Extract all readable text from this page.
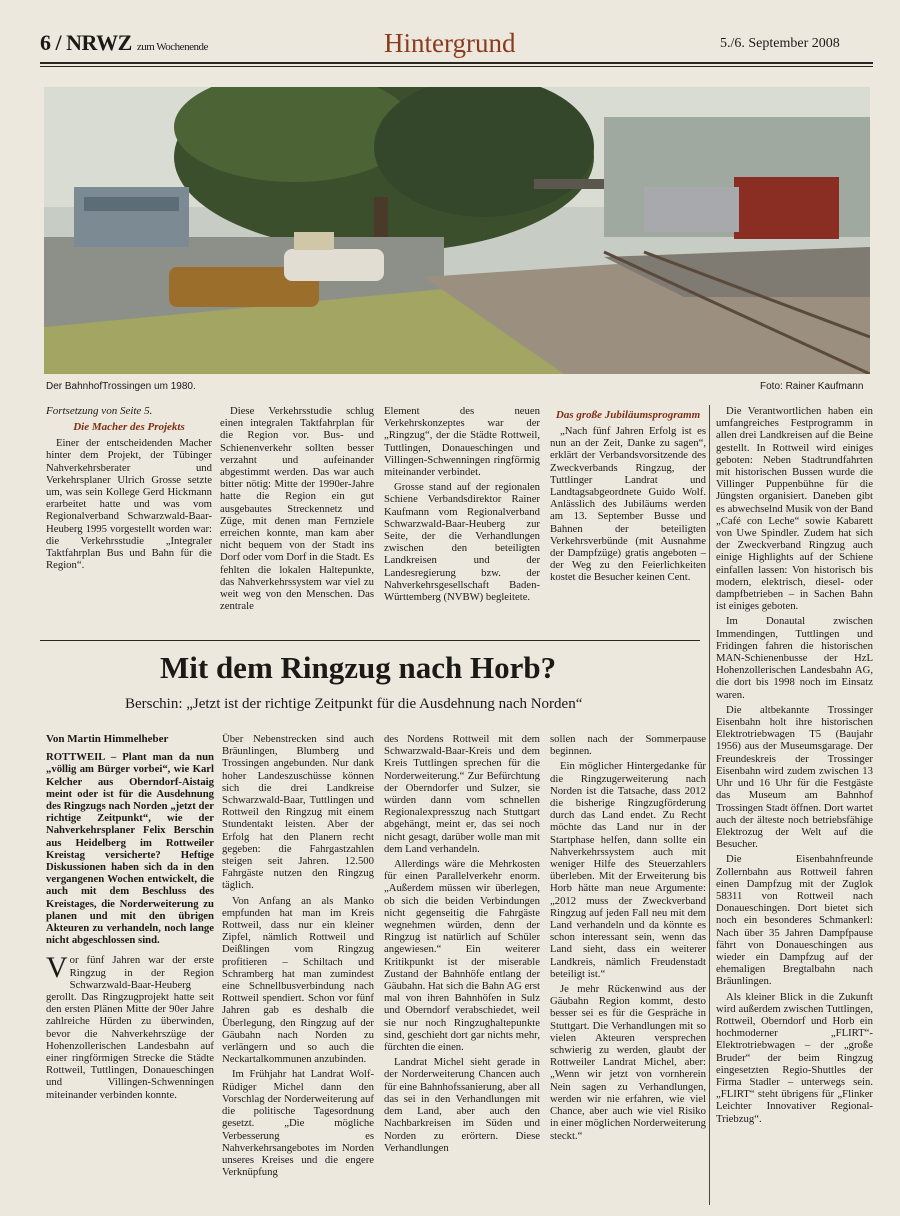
6 / NRWZ zum Wochenende	Hintergrund	5./6. September 2008
Der BahnhofTrossingen um 1980.	Foto: Rainer Kaufmann
Fortsetzung von Seite 5.
Die Macher des Projekts

Einer der entscheidenden Macher hinter dem Projekt, der Tübinger Nahverkehrsberater und Verkehrsplaner Ulrich Grosse setzte um, was sein Kollege Gerd Hickmann erarbeitet hatte und was vom Regionalverband Schwarzwald-Baar-Heuberg 1995 vorgestellt worden war: die Verkehrsstudie „Integraler Taktfahrplan Bus und Bahn für die Region“.

Diese Verkehrsstudie schlug einen integralen Taktfahrplan für die Region vor. Bus- und Schienenverkehr sollten besser verzahnt und aufeinander abgestimmt werden. Das war auch bitter nötig: Mitte der 1990er-Jahre hatte die Region ein gut ausgebautes Streckennetz und Züge, mit denen man Fernziele erreichen konnte, man kam aber nicht bequem von der Stadt ins Dorf oder vom Dorf in die Stadt. Es fehlten die lokalen Haltepunkte, das Nahverkehrssystem war viel zu weit weg von den Menschen. Das zentrale

Element des neuen Verkehrskonzeptes war der „Ringzug“, der die Städte Rottweil, Tuttlingen, Donaueschingen und Villingen-Schwenningen ringförmig miteinander verbindet.

Grosse stand auf der regionalen Schiene Verbandsdirektor Rainer Kaufmann vom Regionalverband Schwarzwald-Baar-Heuberg zur Seite, der die Verhandlungen zwischen den beteiligten Landkreisen und der Landesregierung bzw. der Nahverkehrsgesellschaft Baden-Württemberg (NVBW) begleitete.

Das große Jubiläumsprogramm

„Nach fünf Jahren Erfolg ist es nun an der Zeit, Danke zu sagen“, erklärt der Verbandsvorsitzende des Zweckverbands Ringzug, der Tuttlinger Landrat und Landtagsabgeordnete Guido Wolf. Anlässlich des Jubiläums werden am 13. September Busse und Bahnen der beteiligten Verkehrsverbünde (mit Ausnahme der Dampfzüge) gratis angeboten – der Weg zu den Feierlichkeiten kostet die Besucher keinen Cent.

Die Verantwortlichen haben ein umfangreiches Festprogramm in allen drei Landkreisen auf die Beine gestellt. In Rottweil wird einiges geboten: Neben Stadtrundfahrten mit historischen Bussen wurde die Villinger Puppenbühne für die Jüngsten organisiert. Daneben gibt es abwechselnd Musik von der Band „Café con Leche“ sowie Kabarett von Uwe Spindler. Zudem hat sich der Zweckverband Ringzug auch einige Highlights auf der Schiene einfallen lassen: Von historisch bis modern, elektrisch, diesel- oder dampfbetrieben – in Sachen Bahn ist einiges geboten.

Im Donautal zwischen Immendingen, Tuttlingen und Fridingen fahren die historischen MAN-Schienenbusse der HzL Hohenzollerischen Landesbahn AG, die dort bis 1998 noch im Einsatz waren.

Die altbekannte Trossinger Eisenbahn holt ihre historischen Elektrotriebwagen T5 (Baujahr 1956) aus der Museumsgarage. Der Freundeskreis der Trossinger Eisenbahn wird zudem zwischen 13 Uhr und 16 Uhr für die Festgäste das Museum am Bahnhof Trossingen Stadt öffnen. Dort wartet auch der älteste noch betriebsfähige Elektrozug der Welt auf die Besucher.

Die Eisenbahnfreunde Zollernbahn aus Rottweil fahren einen Dampfzug mit der Zuglok 58311 von Rottweil nach Donaueschingen. Dort bietet sich noch ein besonderes Schmankerl: Nach über 35 Jahren Dampfpause fährt von Donaueschingen aus wieder ein Dampfzug auf der ehemaligen Bregtalbahn nach Bräunlingen.

Als kleiner Blick in die Zukunft wird außerdem zwischen Tuttlingen, Rottweil, Oberndorf und Horb ein hochmoderner „FLIRT“-Elektrotriebwagen – der „große Bruder“ der beim Ringzug eingesetzten Regio-Shuttles der Firma Stadler – unterwegs sein. „FLIRT“ steht übrigens für „Flinker Leichter Innovativer Regional-Triebzug“.

Mit dem Ringzug nach Horb?
Berschin: „Jetzt ist der richtige Zeitpunkt für die Ausdehnung nach Norden“
Von Martin Himmelheber

ROTTWEIL – Plant man da nun „völlig am Bürger vorbei“, wie Karl Kelcher aus Oberndorf-Aistaig meint oder ist für die Ausdehnung des Ringzugs nach Norden „jetzt der richtige Zeitpunkt“, wie der Nahverkehrsplaner Felix Berschin aus Heidelberg im Rottweiler Kreistag versicherte? Heftige Diskussionen haben sich da in den vergangenen Wochen entwickelt, die auch mit dem Beschluss des Kreistages, die Norderweiterung zu planen und mit den übrigen Akteuren zu verhandeln, noch lange nicht abgeschlossen sind.

Vor fünf Jahren war der erste Ringzug in der Region Schwarzwald-Baar-Heuberg gerollt. Das Ringzugprojekt hatte seit den ersten Plänen Mitte der 90er Jahre zahlreiche Hürden zu überwinden, bevor die Nahverkehrszüge der Hohenzollerischen Landesbahn auf einer ringförmigen Strecke die Städte Rottweil, Tuttlingen, Donaueschingen und Villingen-Schwenningen miteinander verbinden konnte.

Über Nebenstrecken sind auch Bräunlingen, Blumberg und Trossingen angebunden. Nur dank hoher Landeszuschüsse können sich die drei Landkreise Schwarzwald-Baar, Tuttlingen und Rottweil den Ringzug mit einem Stundentakt leisten. Aber der Erfolg hat den Planern recht gegeben: die Fahrgastzahlen steigen seit Jahren. 12.500 Fahrgäste nutzen den Ringzug täglich.

Von Anfang an als Manko empfunden hat man im Kreis Rottweil, dass nur ein kleiner Zipfel, nämlich Rottweil und Deißlingen vom Ringzug profitieren – Schiltach und Schramberg hat man zumindest eine Schnellbusverbindung nach Rottweil spendiert. Schon vor fünf Jahren gab es deshalb die Überlegung, den Ringzug auf der Gäubahn nach Norden zu verlängern und so auch die Neckartalkommunen anzubinden.

Im Frühjahr hat Landrat Wolf-Rüdiger Michel dann den Vorschlag der Norderweiterung auf die politische Tagesordnung gesetzt. „Die mögliche Verbesserung es Nahverkehrsangebotes im Norden unseres Kreises und die engere Verknüpfung

des Nordens Rottweil mit dem Schwarzwald-Baar-Kreis und dem Kreis Tuttlingen sprechen für die Norderweiterung.“ Zur Befürchtung der Oberndorfer und Sulzer, sie würden dann vom schnellen Regionalexpresszug nach Stuttgart abgehängt, meint er, das sei noch nicht gesagt, darüber wolle man mit dem Land verhandeln.

Allerdings wäre die Mehrkosten für einen Parallelverkehr enorm. „Außerdem müssen wir überlegen, ob sich die beiden Verbindungen nicht gegenseitig die Fahrgäste wegnehmen würden, denn der Ringzug ist natürlich auf Schüler angewiesen.“ Ein weiterer Kritikpunkt ist der miserable Zustand der Bahnhöfe entlang der Gäubahn. Hat sich die Bahn AG erst mal von ihren Bahnhöfen in Sulz und Oberndorf verabschiedet, weil sie nur noch Ringzughaltepunkte sind, geschieht dort gar nichts mehr, fürchten die einen.

Landrat Michel sieht gerade in der Norderweiterung Chancen auch für eine Bahnhofssanierung, aber all das sei in den Verhandlungen mit dem Land, aber auch den Nachbarkreisen im Süden und Norden zu erörtern. Diese Verhandlungen

sollen nach der Sommerpause beginnen.

Ein möglicher Hintergedanke für die Ringzugerweiterung nach Norden ist die Tatsache, dass 2012 die bisherige Ringzugförderung durch das Land endet. Zu Recht möchte das Land nur in der Startphase helfen, dann sollte ein Nahverkehrssystem auch mit weniger Hilfe des Steuerzahlers überleben. Mit der Erweiterung bis Horb hätte man neue Argumente: „2012 muss der Zweckverband Ringzug auf jeden Fall neu mit dem Land verhandeln und da könnte es schon interessant sein, wenn das Land sieht, dass ein weiterer Landkreis, nämlich Freudenstadt beteiligt ist.“

Je mehr Rückenwind aus der Gäubahn Region kommt, desto besser sei es für die Gespräche in Stuttgart. Die Verhandlungen mit so vielen Akteuren versprechen schwierig zu werden, glaubt der Rottweiler Landrat Michel, aber: „Wenn wir jetzt von vornherein Nein sagen zu Verhandlungen, werden wir nie erfahren, wie viel Chance, aber auch wie viel Risiko in einer möglichen Norderweiterung steckt.“
